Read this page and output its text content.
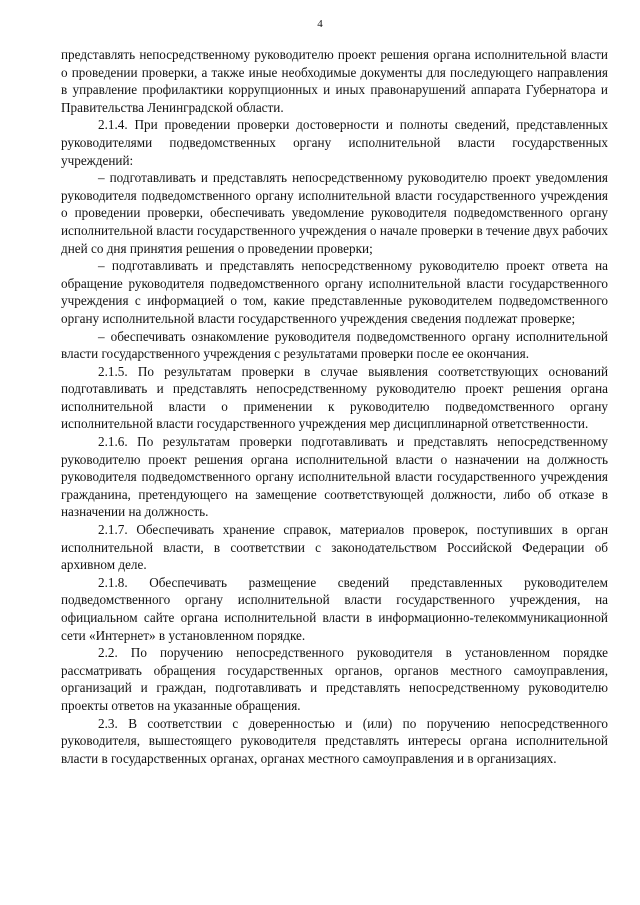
4

представлять непосредственному руководителю проект решения органа исполнительной власти о проведении проверки, а также иные необходимые документы для последующего направления в управление профилактики коррупционных и иных правонарушений аппарата Губернатора и Правительства Ленинградской области.

2.1.4. При проведении проверки достоверности и полноты сведений, представленных руководителями подведомственных органу исполнительной власти государственных учреждений:

– подготавливать и представлять непосредственному руководителю проект уведомления руководителя подведомственного органу исполнительной власти государственного учреждения о проведении проверки, обеспечивать уведомление руководителя подведомственного органу исполнительной власти государственного учреждения о начале проверки в течение двух рабочих дней со дня принятия решения о проведении проверки;

– подготавливать и представлять непосредственному руководителю проект ответа на обращение руководителя подведомственного органу исполнительной власти государственного учреждения с информацией о том, какие представленные руководителем подведомственного органу исполнительной власти государственного учреждения сведения подлежат проверке;

– обеспечивать ознакомление руководителя подведомственного органу исполнительной власти государственного учреждения с результатами проверки после ее окончания.

2.1.5. По результатам проверки в случае выявления соответствующих оснований подготавливать и представлять непосредственному руководителю проект решения органа исполнительной власти о применении к руководителю подведомственного органу исполнительной власти государственного учреждения мер дисциплинарной ответственности.

2.1.6. По результатам проверки подготавливать и представлять непосредственному руководителю проект решения органа исполнительной власти о назначении на должность руководителя подведомственного органу исполнительной власти государственного учреждения гражданина, претендующего на замещение соответствующей должности, либо об отказе в назначении на должность.

2.1.7. Обеспечивать хранение справок, материалов проверок, поступивших в орган исполнительной власти, в соответствии с законодательством Российской Федерации об архивном деле.

2.1.8. Обеспечивать размещение сведений представленных руководителем подведомственного органу исполнительной власти государственного учреждения, на официальном сайте органа исполнительной власти в информационно-телекоммуникационной сети «Интернет» в установленном порядке.

2.2. По поручению непосредственного руководителя в установленном порядке рассматривать обращения государственных органов, органов местного самоуправления, организаций и граждан, подготавливать и представлять непосредственному руководителю проекты ответов на указанные обращения.

2.3. В соответствии с доверенностью и (или) по поручению непосредственного руководителя, вышестоящего руководителя представлять интересы органа исполнительной власти в государственных органах, органах местного самоуправления и в организациях.
